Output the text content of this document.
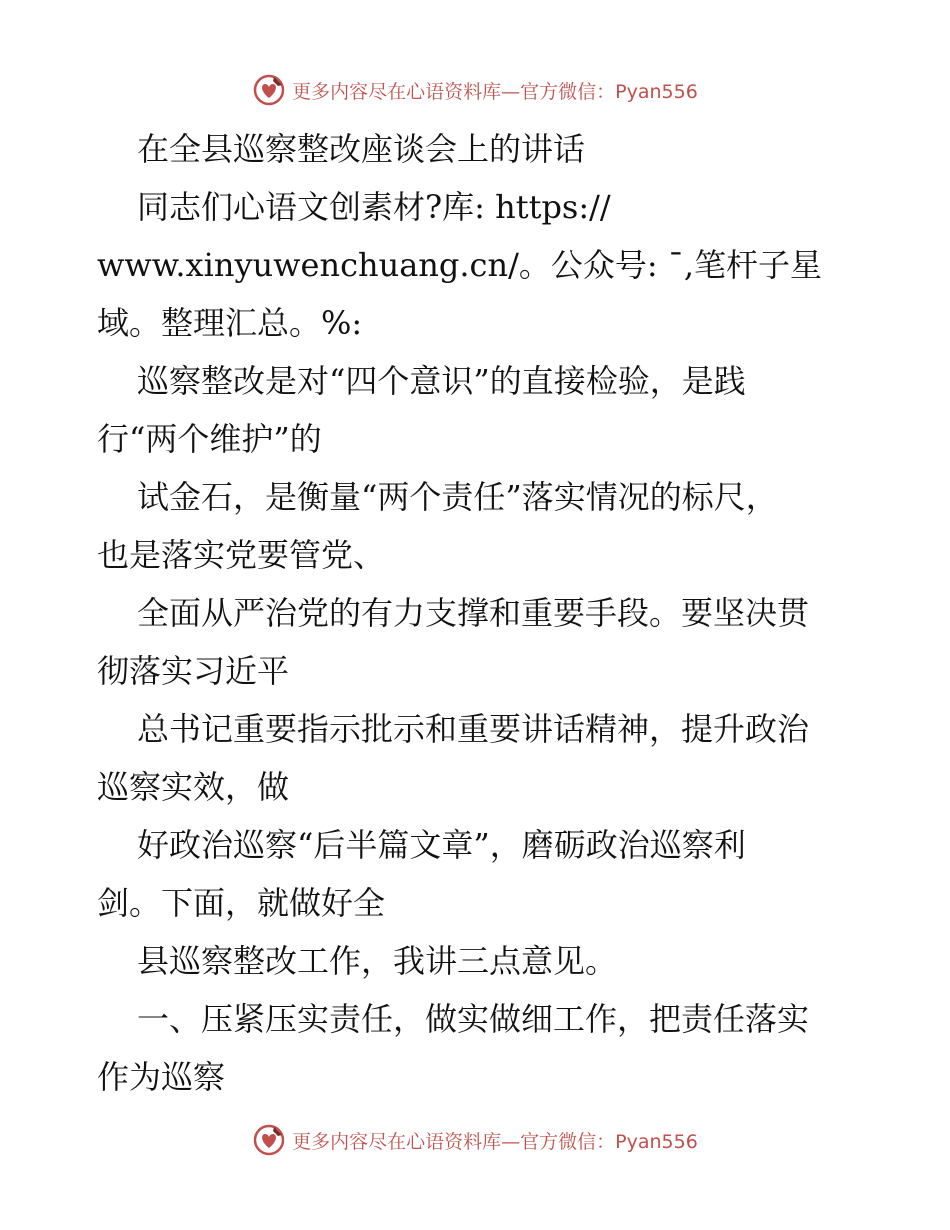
更多内容尽在心语资料库—官方微信：Pyan556
在全县巡察整改座谈会上的讲话
同志们心语文创素材?库: https://
www.xinyuwenchuang.cn/。公众号: ¯,笔杆子星
域。整理汇总。%:
巡察整改是对“四个意识”的直接检验，是践
行“两个维护”的
试金石，是衡量“两个责任”落实情况的标尺，
也是落实党要管党、
全面从严治党的有力支撑和重要手段。要坚决贯
彻落实习近平
总书记重要指示批示和重要讲话精神，提升政治
巡察实效，做
好政治巡察“后半篇文章”，磨砺政治巡察利
剑。下面，就做好全
县巡察整改工作，我讲三点意见。
一、压紧压实责任，做实做细工作，把责任落实
作为巡察
更多内容尽在心语资料库—官方微信：Pyan556
